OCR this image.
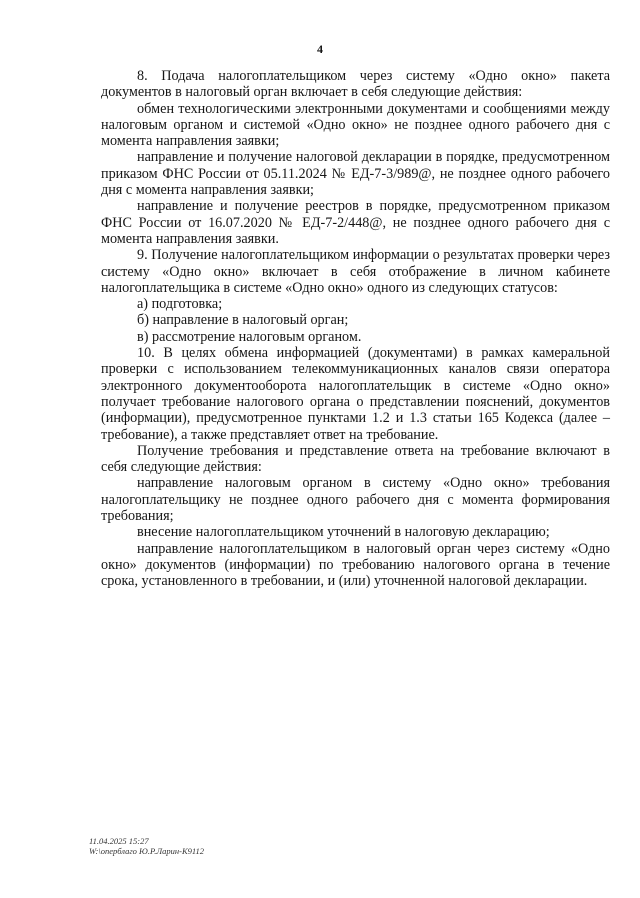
4

8. Подача налогоплательщиком через систему «Одно окно» пакета документов в налоговый орган включает в себя следующие действия:

обмен технологическими электронными документами и сообщениями между налоговым органом и системой «Одно окно» не позднее одного рабочего дня с момента направления заявки;

направление и получение налоговой декларации в порядке, предусмотренном приказом ФНС России от 05.11.2024 № ЕД-7-3/989@, не позднее одного рабочего дня с момента направления заявки;

направление и получение реестров в порядке, предусмотренном приказом ФНС России от 16.07.2020 № ЕД-7-2/448@, не позднее одного рабочего дня с момента направления заявки.

9. Получение налогоплательщиком информации о результатах проверки через систему «Одно окно» включает в себя отображение в личном кабинете налогоплательщика в системе «Одно окно» одного из следующих статусов:

а) подготовка;

б) направление в налоговый орган;

в) рассмотрение налоговым органом.

10. В целях обмена информацией (документами) в рамках камеральной проверки с использованием телекоммуникационных каналов связи оператора электронного документооборота налогоплательщик в системе «Одно окно» получает требование налогового органа о представлении пояснений, документов (информации), предусмотренное пунктами 1.2 и 1.3 статьи 165 Кодекса (далее – требование), а также представляет ответ на требование.

Получение требования и представление ответа на требование включают в себя следующие действия:

направление налоговым органом в систему «Одно окно» требования налогоплательщику не позднее одного рабочего дня с момента формирования требования;

внесение налогоплательщиком уточнений в налоговую декларацию;

направление налогоплательщиком в налоговый орган через систему «Одно окно» документов (информации) по требованию налогового органа в течение срока, установленного в требовании, и (или) уточненной налоговой декларации.

11.04.2025 15:27
W:\оперблаго Ю.Р.Ларин-К9112
